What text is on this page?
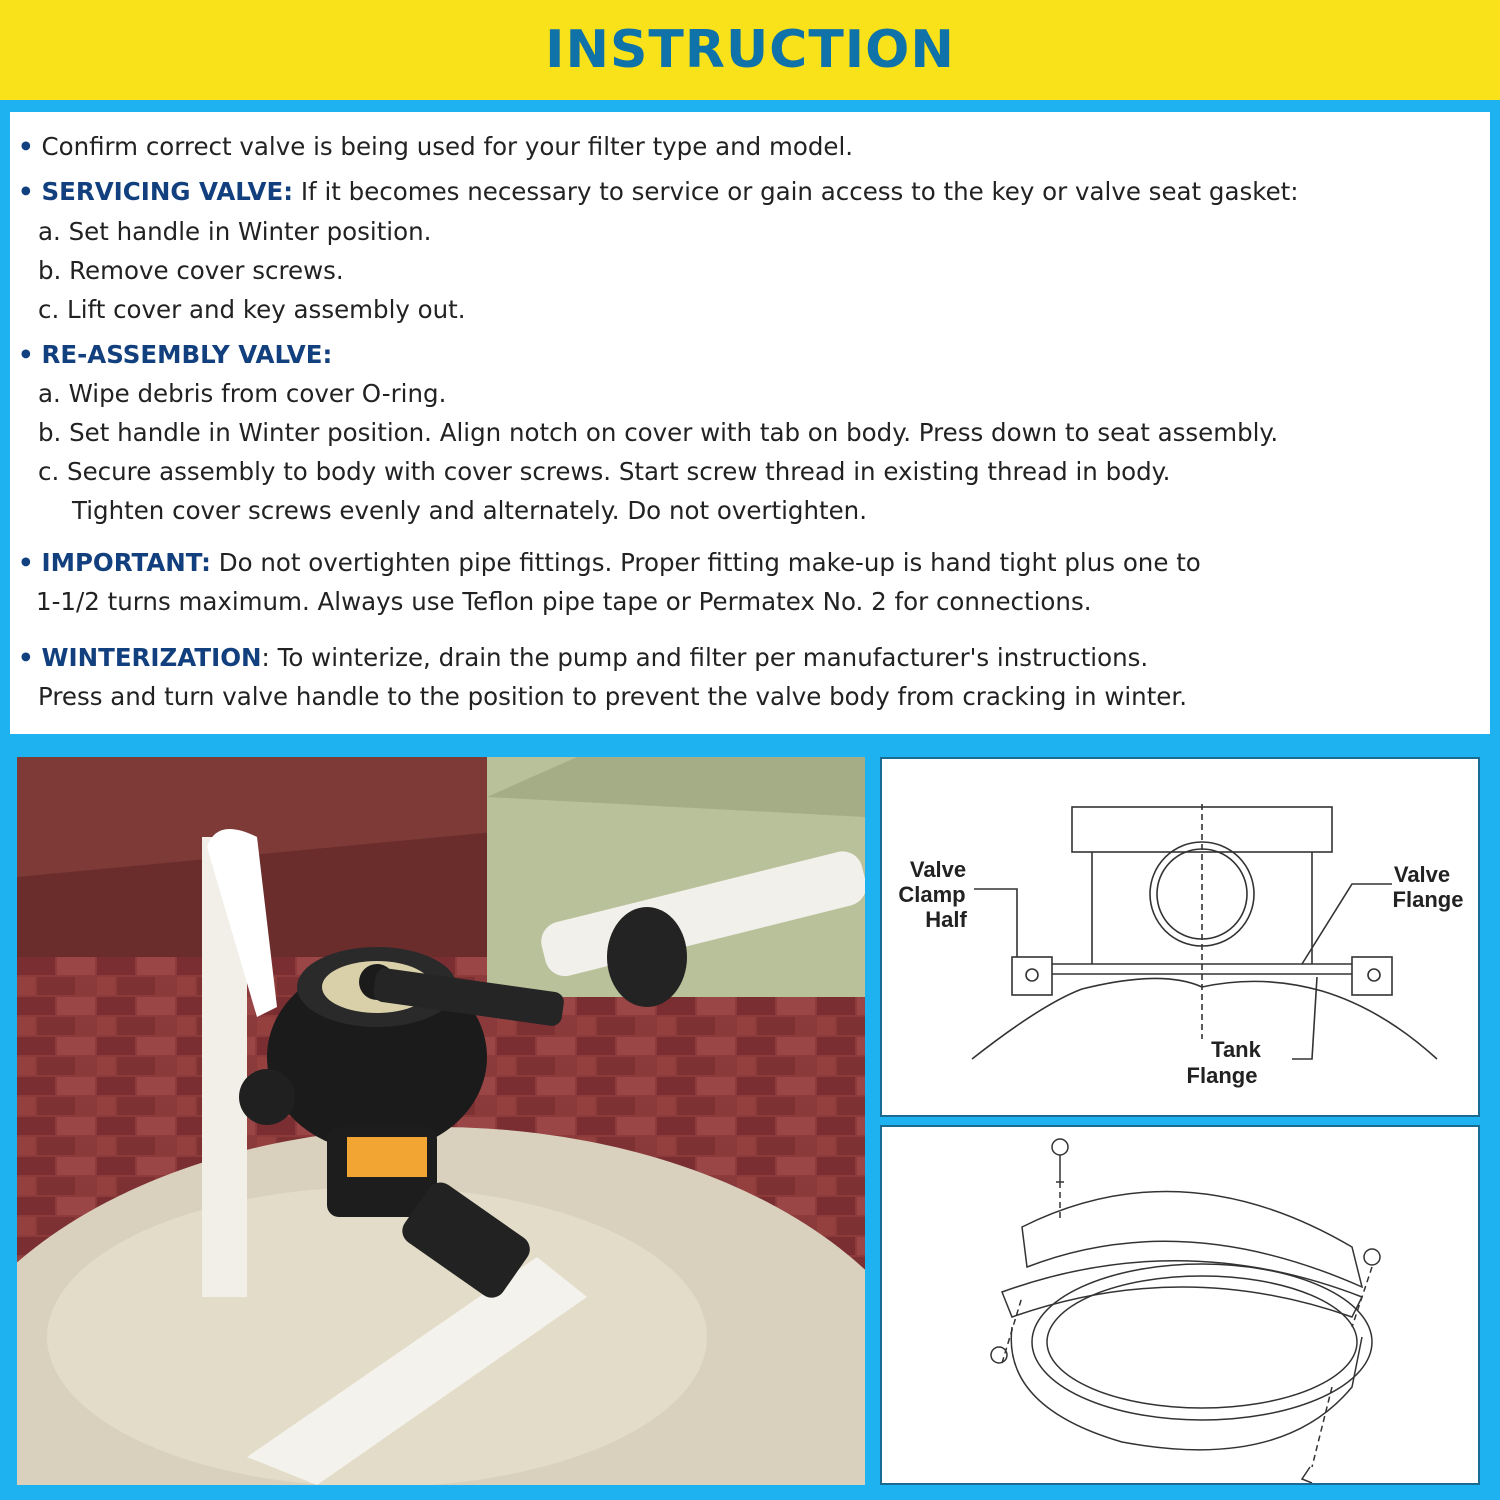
INSTRUCTION
• Confirm correct valve is being used for your filter type and model.
• SERVICING VALVE: If it becomes necessary to service or gain access to the key or valve seat gasket:
a. Set handle in Winter position.
b. Remove cover screws.
c. Lift cover and key assembly out.
• RE-ASSEMBLY VALVE:
a. Wipe debris from cover O-ring.
b. Set handle in Winter position. Align notch on cover with tab on body. Press down to seat assembly.
c. Secure assembly to body with cover screws. Start screw thread in existing thread in body.
Tighten cover screws evenly and alternately. Do not overtighten.
• IMPORTANT: Do not overtighten pipe fittings. Proper fitting make-up is hand tight plus one to
1-1/2 turns maximum. Always use Teflon pipe tape or Permatex No. 2 for connections.
• WINTERIZATION: To winterize, drain the pump and filter per manufacturer's instructions.
Press and turn valve handle to the position to prevent the valve body from cracking in winter.
Valve
Clamp
Half
Valve
Flange
Tank
Flange
